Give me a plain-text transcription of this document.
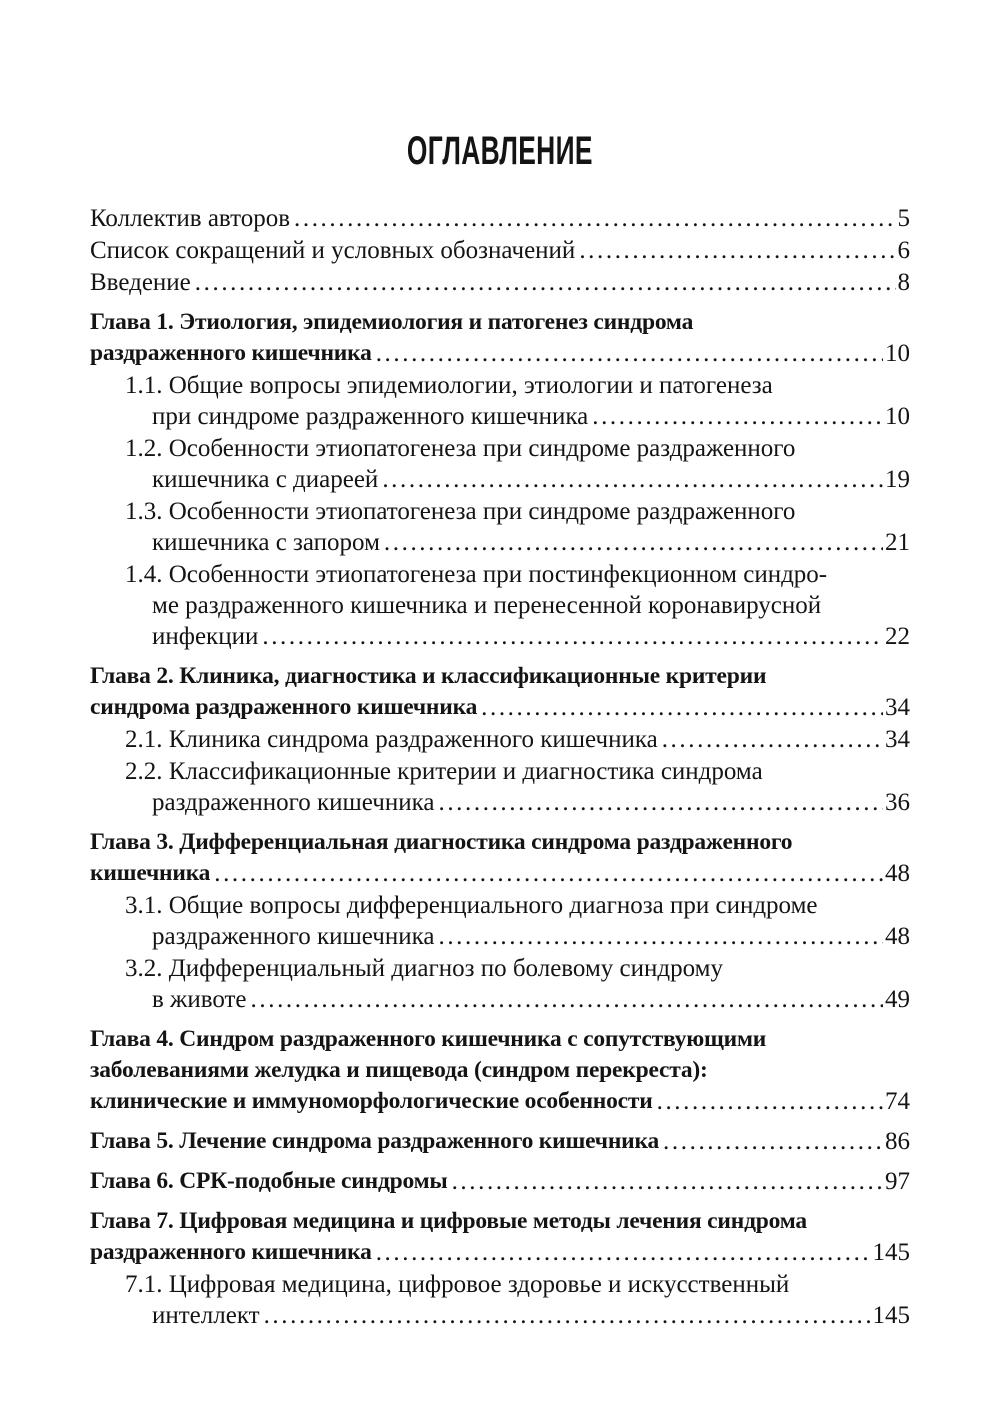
ОГЛАВЛЕНИЕ
Коллектив авторов .....	5
Список сокращений и условных обозначений .....	6
Введение .....	8
Глава 1. Этиология, эпидемиология и патогенез синдрома
раздраженного кишечника .....	10
1.1. Общие вопросы эпидемиологии, этиологии и патогенеза
при синдроме раздраженного кишечника .....	10
1.2. Особенности этиопатогенеза при синдроме раздраженного
кишечника с диареей .....	19
1.3. Особенности этиопатогенеза при синдроме раздраженного
кишечника с запором .....	21
1.4. Особенности этиопатогенеза при постинфекционном синдро-
ме раздраженного кишечника и перенесенной коронавирусной
инфекции .....	22
Глава 2. Клиника, диагностика и классификационные критерии
синдрома раздраженного кишечника .....	34
2.1. Клиника синдрома раздраженного кишечника .....	34
2.2. Классификационные критерии и диагностика синдрома
раздраженного кишечника .....	36
Глава 3. Дифференциальная диагностика синдрома раздраженного
кишечника .....	48
3.1. Общие вопросы дифференциального диагноза при синдроме
раздраженного кишечника .....	48
3.2. Дифференциальный диагноз по болевому синдрому
в животе .....	49
Глава 4. Синдром раздраженного кишечника с сопутствующими
заболеваниями желудка и пищевода (синдром перекреста):
клинические и иммуноморфологические особенности .....	74
Глава 5. Лечение синдрома раздраженного кишечника .....	86
Глава 6. СРК-подобные синдромы .....	97
Глава 7. Цифровая медицина и цифровые методы лечения синдрома
раздраженного кишечника .....	145
7.1. Цифровая медицина, цифровое здоровье и искусственный
интеллект .....	145
